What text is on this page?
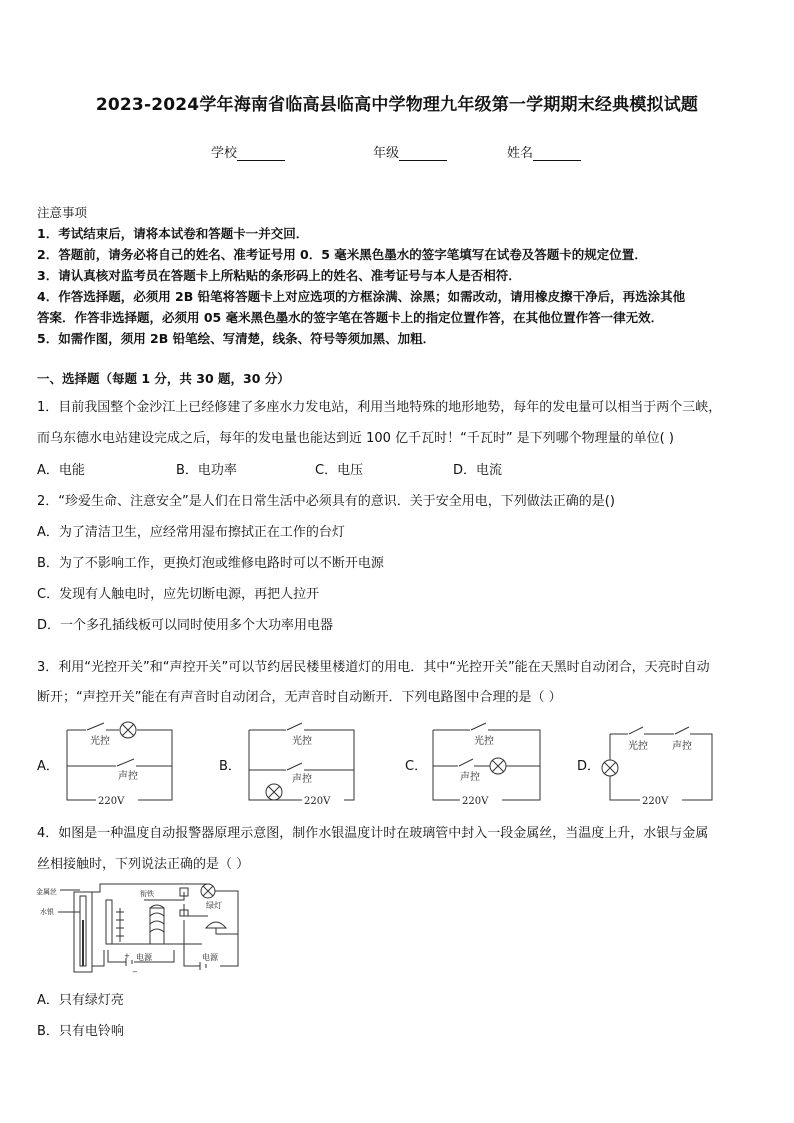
2023-2024学年海南省临高县临高中学物理九年级第一学期期末经典模拟试题
学校	年级	姓名
注意事项
1．考试结束后，请将本试卷和答题卡一并交回．
2．答题前，请务必将自己的姓名、准考证号用 0．5 毫米黑色墨水的签字笔填写在试卷及答题卡的规定位置．
3．请认真核对监考员在答题卡上所粘贴的条形码上的姓名、准考证号与本人是否相符．
4．作答选择题，必须用 2B 铅笔将答题卡上对应选项的方框涂满、涂黑；如需改动，请用橡皮擦干净后，再选涂其他
答案．作答非选择题，必须用 05 毫米黑色墨水的签字笔在答题卡上的指定位置作答，在其他位置作答一律无效．
5．如需作图，须用 2B 铅笔绘、写清楚，线条、符号等须加黑、加粗．
一、选择题（每题 1 分，共 30 题，30 分）
1．目前我国整个金沙江上已经修建了多座水力发电站，利用当地特殊的地形地势，每年的发电量可以相当于两个三峡，
而乌东德水电站建设完成之后，每年的发电量也能达到近 100 亿千瓦时！“千瓦时” 是下列哪个物理量的单位( )
A．电能	B．电功率	C．电压	D．电流
2．“珍爱生命、注意安全”是人们在日常生活中必须具有的意识．关于安全用电，下列做法正确的是()
A．为了清洁卫生，应经常用湿布擦拭正在工作的台灯
B．为了不影响工作，更换灯泡或维修电路时可以不断开电源
C．发现有人触电时，应先切断电源，再把人拉开
D．一个多孔插线板可以同时使用多个大功率用电器
3．利用“光控开关”和“声控开关”可以节约居民楼里楼道灯的用电．其中“光控开关”能在天黑时自动闭合，天亮时自动
断开；“声控开关”能在有声音时自动闭合，无声音时自动断开．下列电路图中合理的是（ ）
A．
光控
声控
220V
B．
光控
声控
220V
C．
光控
声控
220V
D．
光控 声控
220V
4．如图是一种温度自动报警器原理示意图，制作水银温度计时在玻璃管中封入一段金属丝，当温度上升，水银与金属
丝相接触时，下列说法正确的是（ ）
金属丝
水银
衔铁
绿灯
+
−
电源	电源
A．只有绿灯亮
B．只有电铃响
